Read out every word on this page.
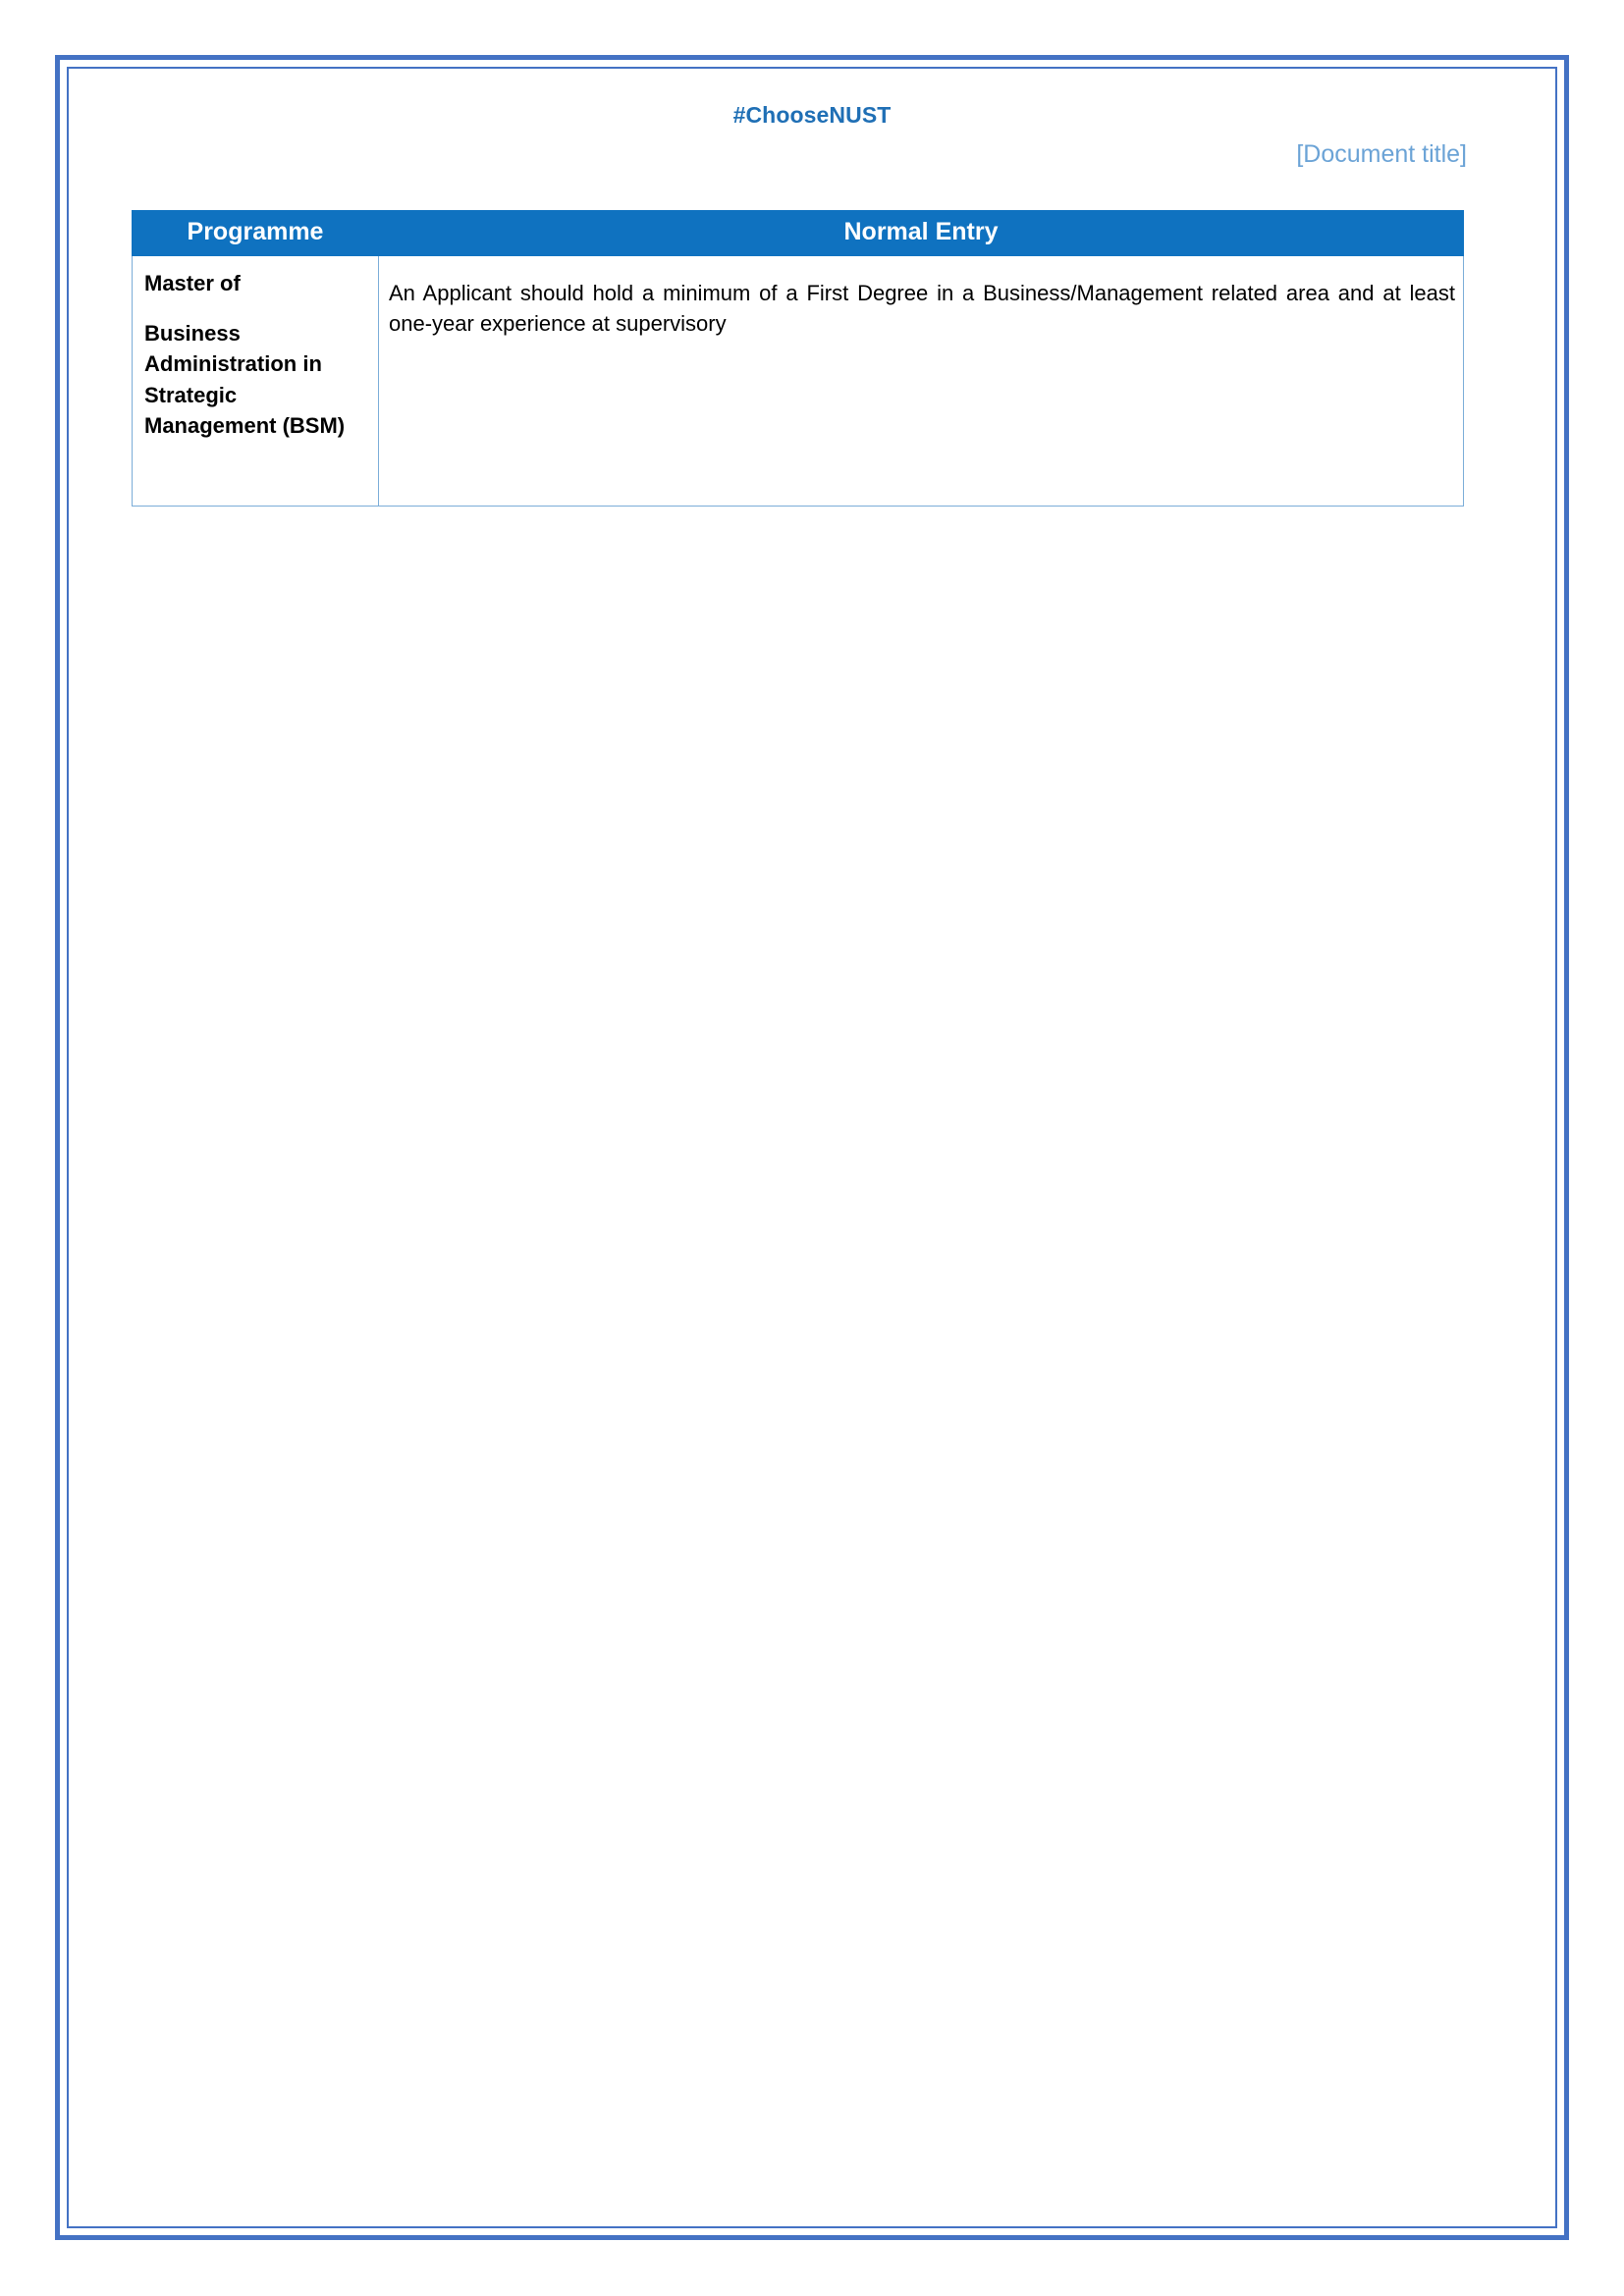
#ChooseNUST
[Document title]
Programme	Normal Entry

Master of
Business Administration in Strategic Management (BSM)	An Applicant should hold a minimum of a First Degree in a Business/Management related area and at least one-year experience at supervisory
